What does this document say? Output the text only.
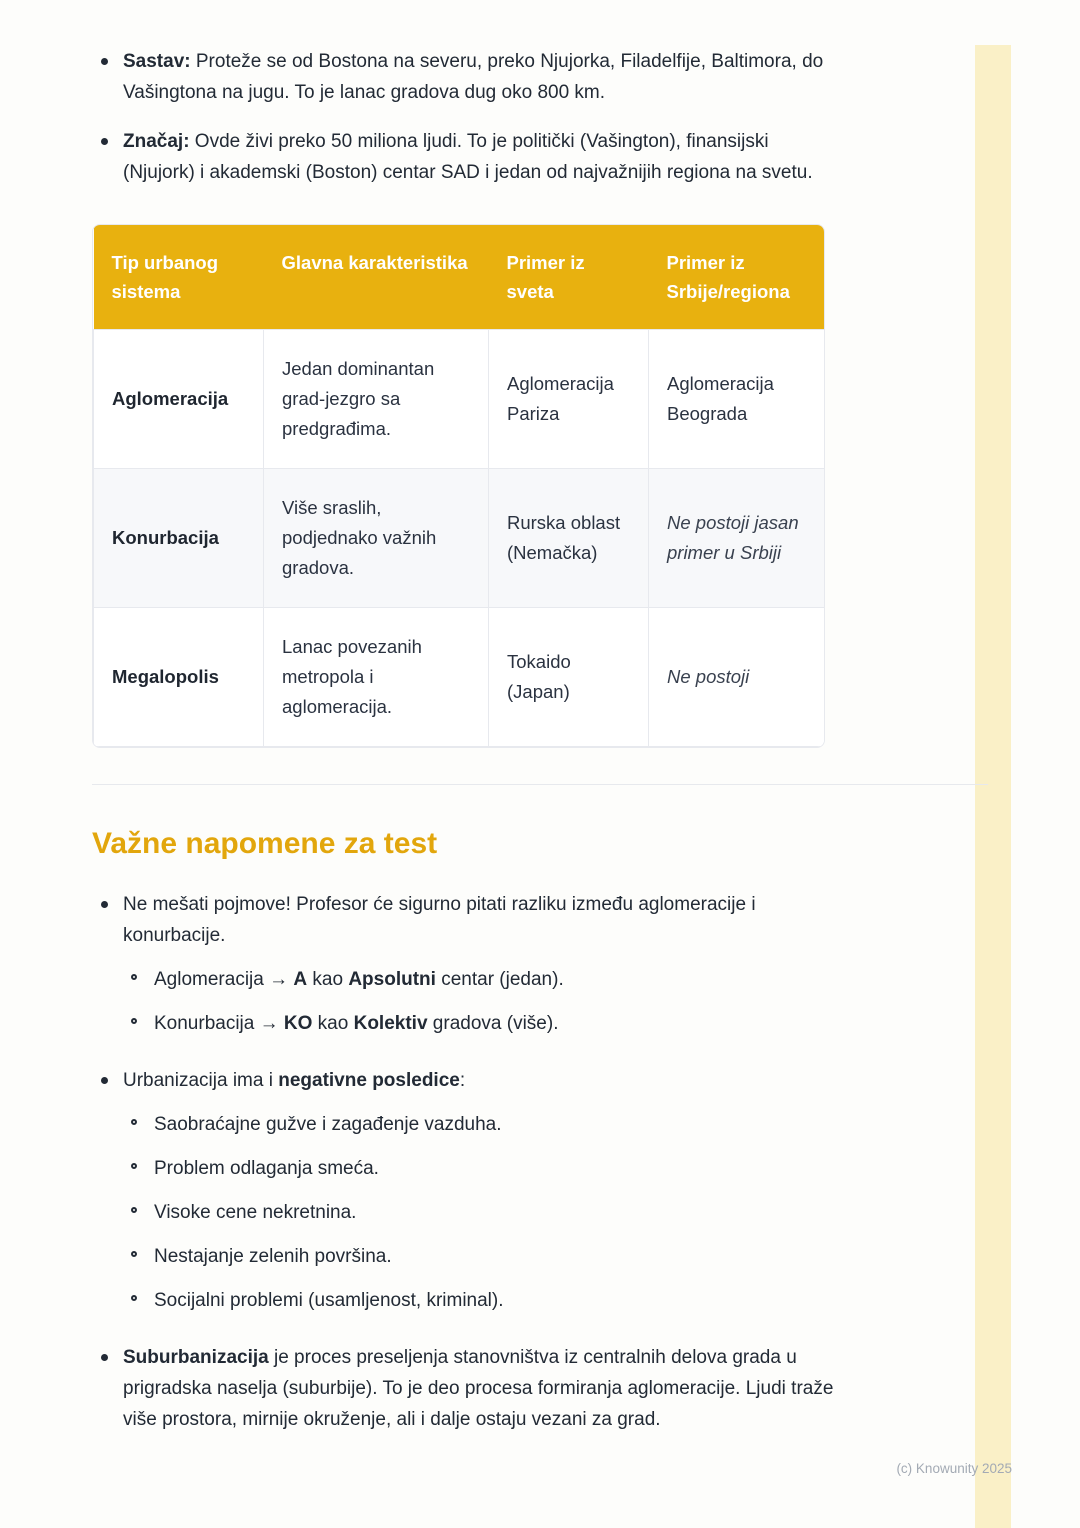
Sastav: Proteže se od Bostona na severu, preko Njujorka, Filadelfije, Baltimora, do Vašingtona na jugu. To je lanac gradova dug oko 800 km.
Značaj: Ovde živi preko 50 miliona ljudi. To je politički (Vašington), finansijski (Njujork) i akademski (Boston) centar SAD i jedan od najvažnijih regiona na svetu.
Tip urbanog sistema	Glavna karakteristika	Primer iz sveta	Primer iz Srbije/regiona
Aglomeracija	Jedan dominantan grad-jezgro sa predgrađima.	Aglomeracija Pariza	Aglomeracija Beograda
Konurbacija	Više sraslih, podjednako važnih gradova.	Rurska oblast (Nemačka)	Ne postoji jasan primer u Srbiji
Megalopolis	Lanac povezanih metropola i aglomeracija.	Tokaido (Japan)	Ne postoji
Važne napomene za test
Ne mešati pojmove! Profesor će sigurno pitati razliku između aglomeracije i konurbacije.
Aglomeracija → A kao Apsolutni centar (jedan).
Konurbacija → KO kao Kolektiv gradova (više).
Urbanizacija ima i negativne posledice:
Saobraćajne gužve i zagađenje vazduha.
Problem odlaganja smeća.
Visoke cene nekretnina.
Nestajanje zelenih površina.
Socijalni problemi (usamljenost, kriminal).
Suburbanizacija je proces preseljenja stanovništva iz centralnih delova grada u prigradska naselja (suburbije). To je deo procesa formiranja aglomeracije. Ljudi traže više prostora, mirnije okruženje, ali i dalje ostaju vezani za grad.
(c) Knowunity 2025
